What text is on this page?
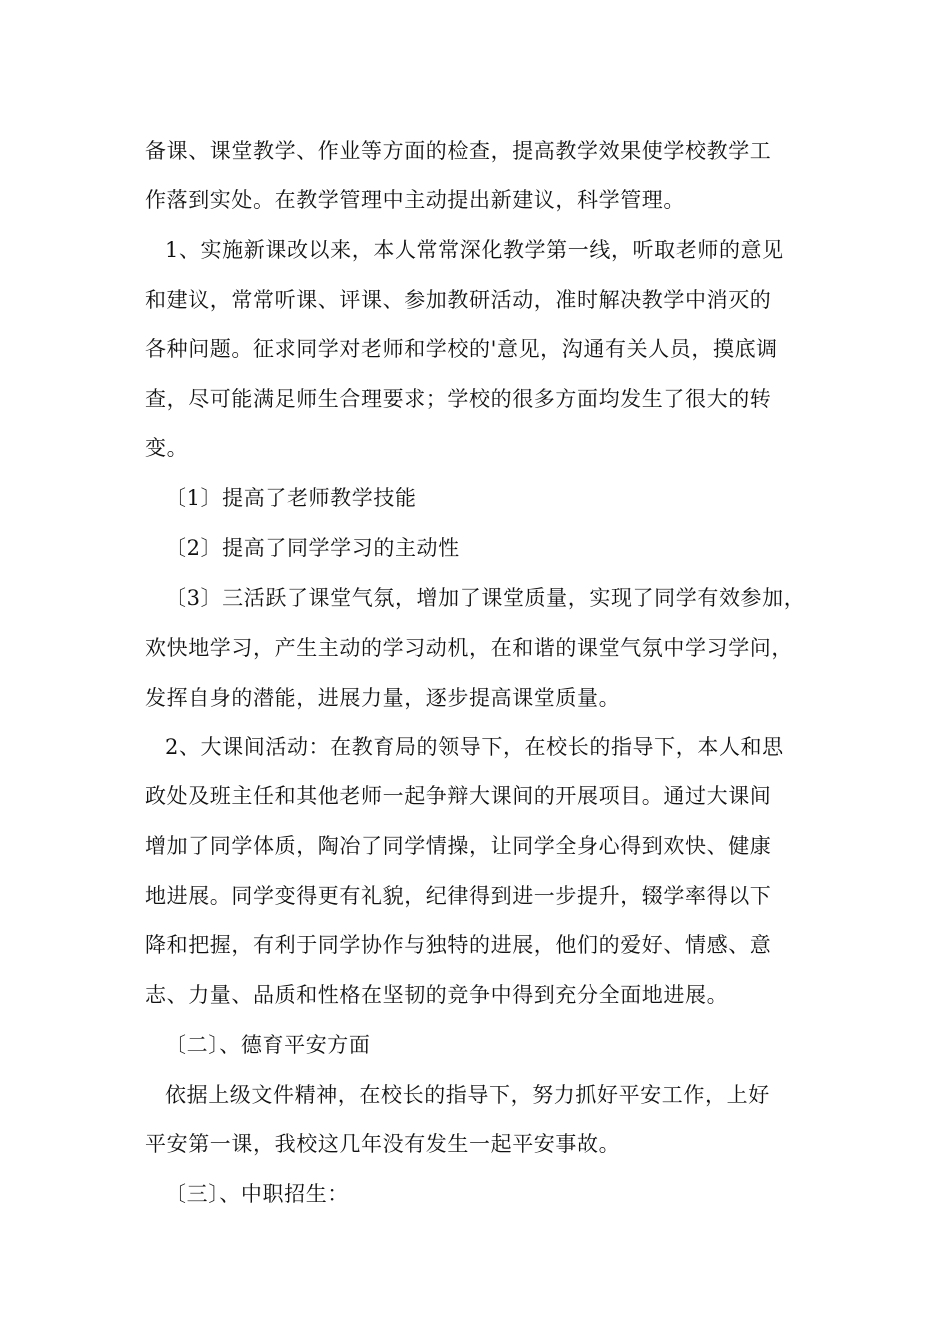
备课、课堂教学、作业等方面的检查，提高教学效果使学校教学工
作落到实处。在教学管理中主动提出新建议，科学管理。
1、实施新课改以来，本人常常深化教学第一线，听取老师的意见
和建议，常常听课、评课、参加教研活动，准时解决教学中消灭的
各种问题。征求同学对老师和学校的'意见，沟通有关人员，摸底调
查，尽可能满足师生合理要求；学校的很多方面均发生了很大的转
变。
〔1〕提高了老师教学技能
〔2〕提高了同学学习的主动性
〔3〕三活跃了课堂气氛，增加了课堂质量，实现了同学有效参加，
欢快地学习，产生主动的学习动机，在和谐的课堂气氛中学习学问，
发挥自身的潜能，进展力量，逐步提高课堂质量。
2、大课间活动：在教育局的领导下，在校长的指导下，本人和思
政处及班主任和其他老师一起争辩大课间的开展项目。通过大课间
增加了同学体质，陶冶了同学情操，让同学全身心得到欢快、健康
地进展。同学变得更有礼貌，纪律得到进一步提升，辍学率得以下
降和把握，有利于同学协作与独特的进展，他们的爱好、情感、意
志、力量、品质和性格在坚韧的竞争中得到充分全面地进展。
〔二〕、德育平安方面
依据上级文件精神，在校长的指导下，努力抓好平安工作，上好
平安第一课，我校这几年没有发生一起平安事故。
〔三〕、中职招生：
